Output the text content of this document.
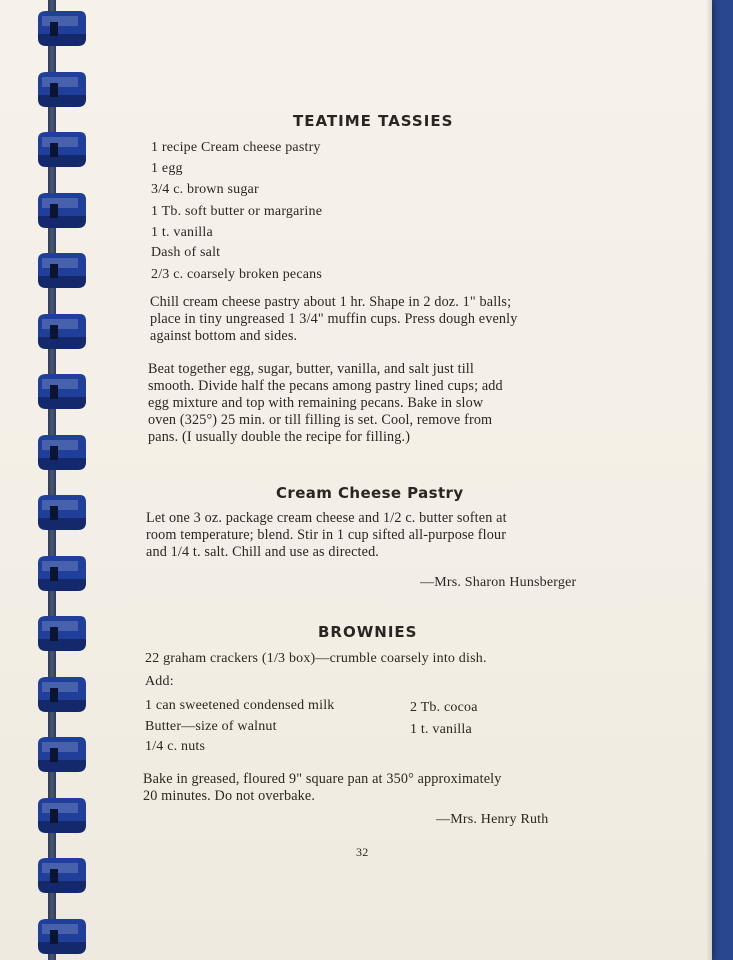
TEATIME TASSIES
1 recipe Cream cheese pastry
1 egg
3/4 c. brown sugar
1 Tb. soft butter or margarine
1 t. vanilla
Dash of salt
2/3 c. coarsely broken pecans
Chill cream cheese pastry about 1 hr. Shape in 2 doz. 1" balls;
place in tiny ungreased 1 3/4" muffin cups. Press dough evenly
against bottom and sides.
Beat together egg, sugar, butter, vanilla, and salt just till
smooth. Divide half the pecans among pastry lined cups; add
egg mixture and top with remaining pecans. Bake in slow
oven (325°) 25 min. or till filling is set. Cool, remove from
pans. (I usually double the recipe for filling.)
Cream Cheese Pastry
Let one 3 oz. package cream cheese and 1/2 c. butter soften at
room temperature; blend. Stir in 1 cup sifted all-purpose flour
and 1/4 t. salt. Chill and use as directed.
—Mrs. Sharon Hunsberger
BROWNIES
22 graham crackers (1/3 box)—crumble coarsely into dish.
Add:
1 can sweetened condensed milk
Butter—size of walnut
1/4 c. nuts
2 Tb. cocoa
1 t. vanilla
Bake in greased, floured 9" square pan at 350° approximately
20 minutes. Do not overbake.
—Mrs. Henry Ruth
32
